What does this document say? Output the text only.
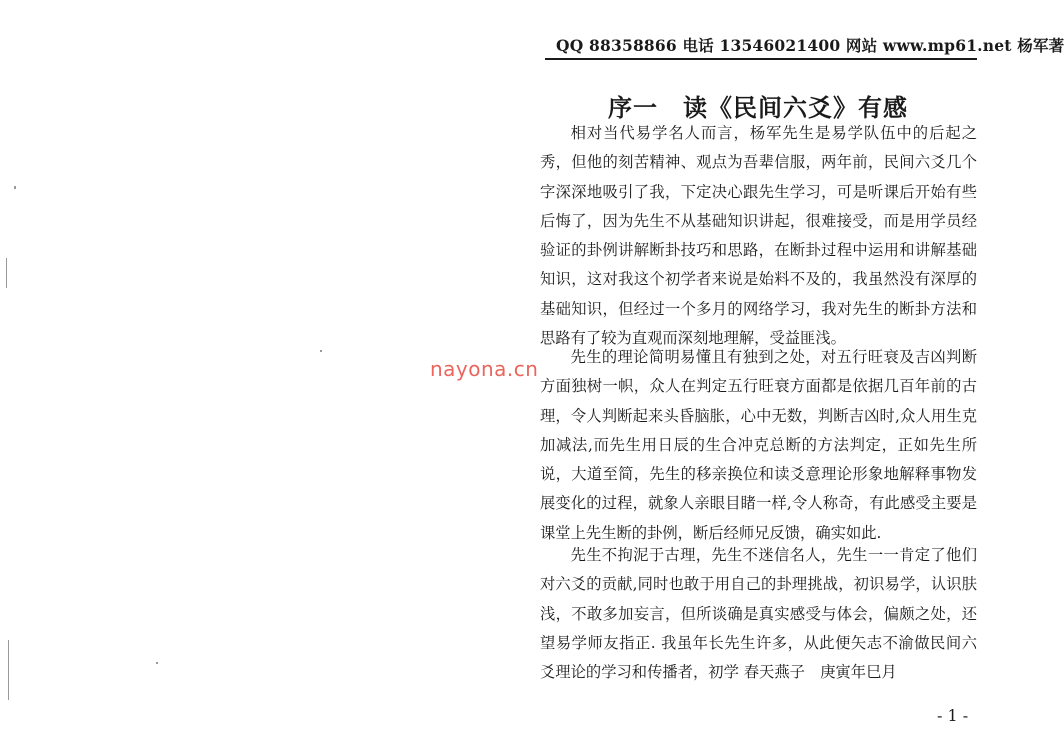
QQ 88358866 电话 13546021400 网站 www.mp61.net 杨军著
序一　读《民间六爻》有感

相对当代易学名人而言，杨军先生是易学队伍中的后起之秀，但他的刻苦精神、观点为吾辈信服，两年前，民间六爻几个字深深地吸引了我，下定决心跟先生学习，可是听课后开始有些后悔了，因为先生不从基础知识讲起，很难接受，而是用学员经验证的卦例讲解断卦技巧和思路，在断卦过程中运用和讲解基础知识，这对我这个初学者来说是始料不及的，我虽然没有深厚的基础知识，但经过一个多月的网络学习，我对先生的断卦方法和思路有了较为直观而深刻地理解，受益匪浅。

先生的理论简明易懂且有独到之处，对五行旺衰及吉凶判断方面独树一帜，众人在判定五行旺衰方面都是依据几百年前的古理，令人判断起来头昏脑胀，心中无数，判断吉凶时,众人用生克加减法,而先生用日辰的生合冲克总断的方法判定，正如先生所说，大道至简，先生的移亲换位和读爻意理论形象地解释事物发展变化的过程，就象人亲眼目睹一样,令人称奇，有此感受主要是课堂上先生断的卦例，断后经师兄反馈，确实如此.

先生不拘泥于古理，先生不迷信名人，先生一一肯定了他们对六爻的贡献,同时也敢于用自己的卦理挑战，初识易学，认识肤浅，不敢多加妄言，但所谈确是真实感受与体会，偏颇之处，还望易学师友指正. 我虽年长先生许多，从此便矢志不渝做民间六爻理论的学习和传播者，初学 春天燕子　庚寅年巳月

nayona.cn
- 1 -
